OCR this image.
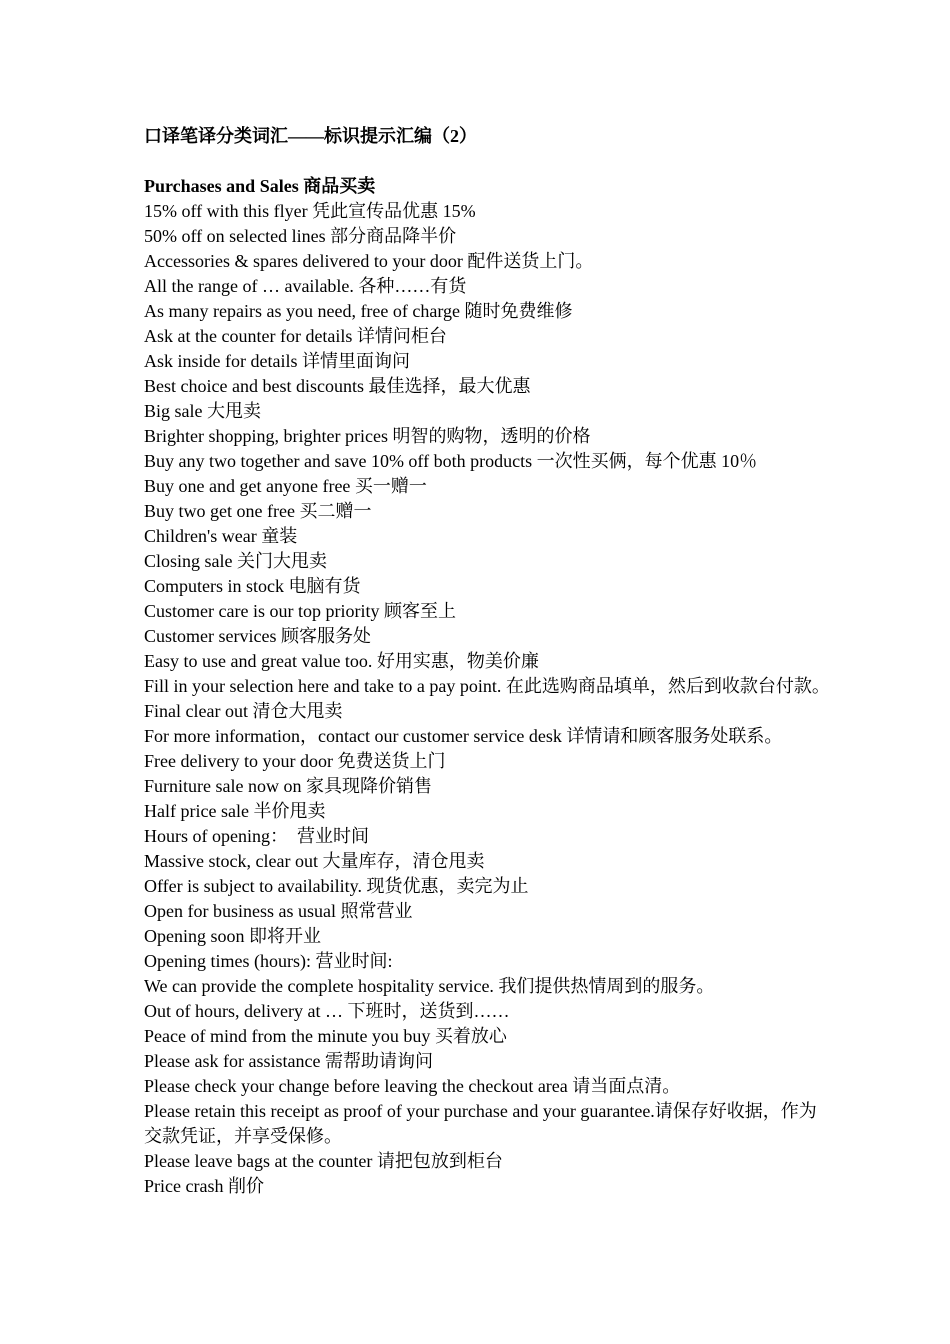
口译笔译分类词汇——标识提示汇编（2）

Purchases and Sales 商品买卖

15% off with this flyer 凭此宣传品优惠 15%
50% off on selected lines 部分商品降半价
Accessories & spares delivered to your door 配件送货上门。
All the range of … available. 各种……有货
As many repairs as you need, free of charge 随时免费维修
Ask at the counter for details 详情问柜台
Ask inside for details 详情里面询问
Best choice and best discounts 最佳选择，最大优惠
Big sale 大甩卖
Brighter shopping, brighter prices 明智的购物，透明的价格
Buy any two together and save 10% off both products 一次性买俩，每个优惠 10％
Buy one and get anyone free 买一赠一
Buy two get one free 买二赠一
Children's wear 童装
Closing sale 关门大甩卖
Computers in stock 电脑有货
Customer care is our top priority 顾客至上
Customer services 顾客服务处
Easy to use and great value too. 好用实惠，物美价廉
Fill in your selection here and take to a pay point. 在此选购商品填单，然后到收款台付款。
Final clear out 清仓大甩卖
For more information，contact our customer service desk 详情请和顾客服务处联系。
Free delivery to your door 免费送货上门
Furniture sale now on 家具现降价销售
Half price sale 半价甩卖
Hours of opening：　营业时间
Massive stock, clear out 大量库存，清仓甩卖
Offer is subject to availability. 现货优惠，卖完为止
Open for business as usual 照常营业
Opening soon 即将开业
Opening times (hours): 营业时间:
We can provide the complete hospitality service. 我们提供热情周到的服务。
Out of hours, delivery at … 下班时，送货到……
Peace of mind from the minute you buy 买着放心
Please ask for assistance 需帮助请询问
Please check your change before leaving the checkout area 请当面点清。
Please retain this receipt as proof of your purchase and your guarantee.请保存好收据，作为交款凭证，并享受保修。
Please leave bags at the counter 请把包放到柜台
Price crash 削价
